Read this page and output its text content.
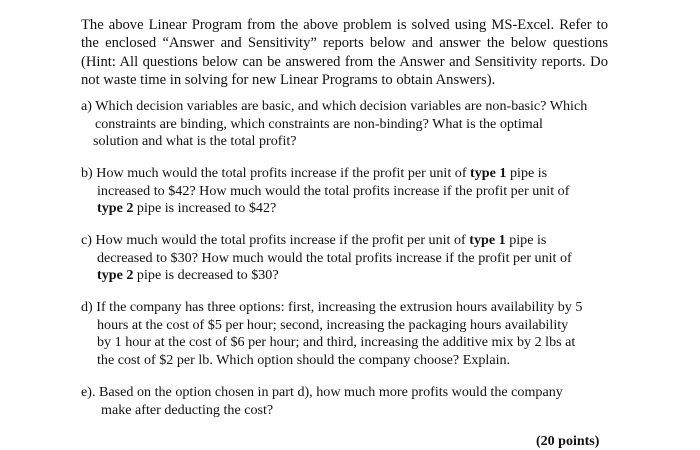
The above Linear Program from the above problem is solved using MS-Excel. Refer to the enclosed “Answer and Sensitivity” reports below and answer the below questions (Hint: All questions below can be answered from the Answer and Sensitivity reports. Do not waste time in solving for new Linear Programs to obtain Answers).

a) Which decision variables are basic, and which decision variables are non-basic? Which
constraints are binding, which constraints are non-binding? What is the optimal
solution and what is the total profit?
b) How much would the total profits increase if the profit per unit of type 1 pipe is
increased to $42? How much would the total profits increase if the profit per unit of
type 2 pipe is increased to $42?
c) How much would the total profits increase if the profit per unit of type 1 pipe is
decreased to $30? How much would the total profits increase if the profit per unit of
type 2 pipe is decreased to $30?
d) If the company has three options: first, increasing the extrusion hours availability by 5
hours at the cost of $5 per hour; second, increasing the packaging hours availability
by 1 hour at the cost of $6 per hour; and third, increasing the additive mix by 2 lbs at
the cost of $2 per lb. Which option should the company choose? Explain.
e). Based on the option chosen in part d), how much more profits would the company
make after deducting the cost?
(20 points)
